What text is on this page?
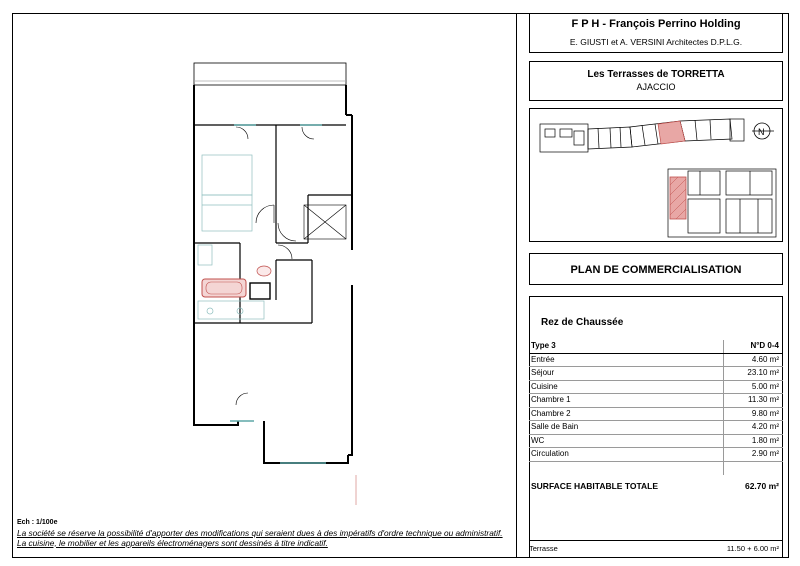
F P H - François Perrino Holding
E. GIUSTI et A. VERSINI Architectes D.P.L.G.
Les Terrasses de TORRETTA
AJACCIO
N
PLAN DE COMMERCIALISATION
Rez de Chaussée
Type 3	N°D 0-4
Entrée	4.60 m²
Séjour	23.10 m²
Cuisine	5.00 m²
Chambre 1	11.30 m²
Chambre 2	9.80 m²
Salle de Bain	4.20 m²
WC	1.80 m²
Circulation	2.90 m²

SURFACE HABITABLE TOTALE	62.70 m²
Terrasse	11.50 + 6.00 m²
Ech : 1/100e
La société se réserve la possibilité d'apporter des modifications qui seraient dues à des impératifs d'ordre technique ou administratif.
La cuisine, le mobilier et les appareils électroménagers sont dessinés à titre indicatif.
